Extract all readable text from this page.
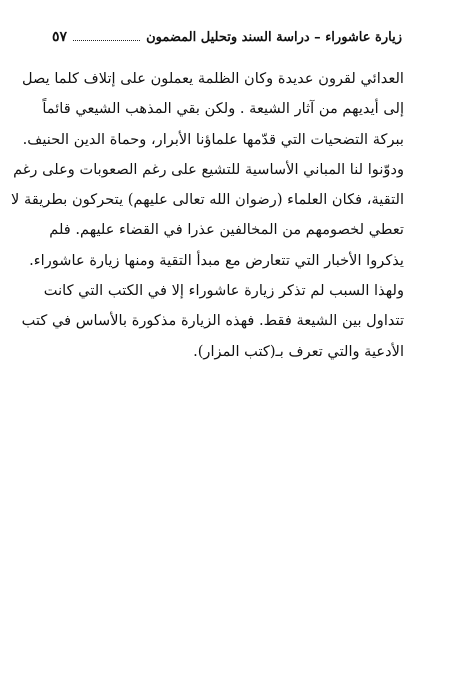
زيارة عاشوراء – دراسة السند وتحليل المضمون
٥٧
العدائي لقرون عديدة وكان الظلمة يعملون على إتلاف كلما يصل
إلى أيديهم من آثار الشيعة . ولكن بقي المذهب الشيعي قائماً
ببركة التضحيات التي قدّمها علماؤنا الأبرار، وحماة الدين الحنيف.
ودوّنوا لنا المباني الأساسية للتشيع على رغم الصعوبات وعلى رغم
التقية، فكان العلماء (رضوان الله تعالى عليهم) يتحركون بطريقة لا
تعطي لخصومهم من المخالفين عذرا في القضاء عليهم. فلم
يذكروا الأخبار التي تتعارض مع مبدأ التقية ومنها زيارة عاشوراء.
ولهذا السبب لم تذكر زيارة عاشوراء إلا في الكتب التي كانت
تتداول بين الشيعة فقط. فهذه الزيارة مذكورة بالأساس في كتب
الأدعية والتي تعرف بـ(كتب المزار).
